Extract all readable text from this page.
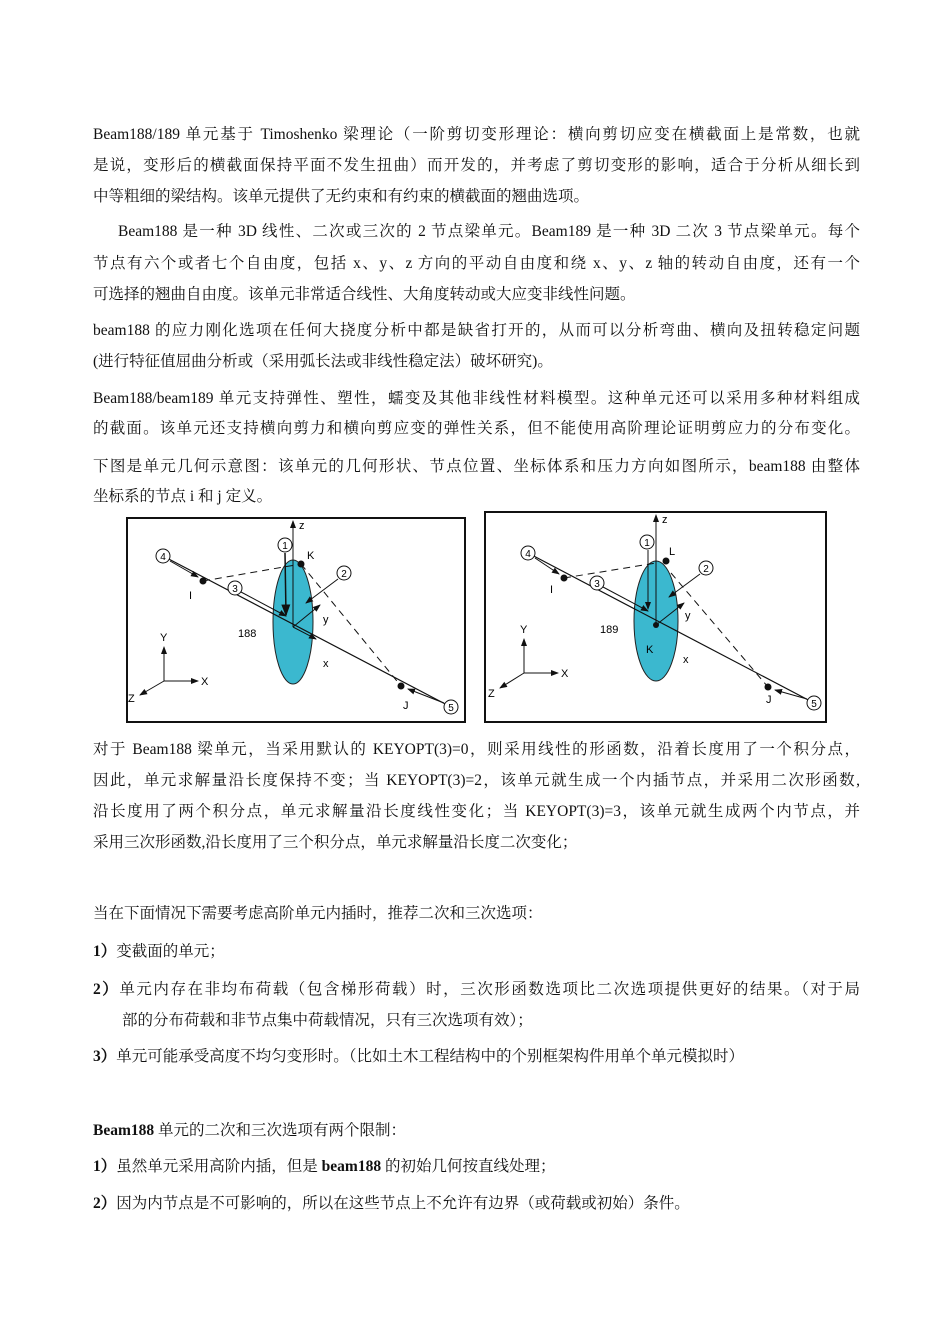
Beam188/189 单元基于 Timoshenko 梁理论（一阶剪切变形理论：横向剪切应变在横截面上是常数，也就
是说，变形后的横截面保持平面不发生扭曲）而开发的，并考虑了剪切变形的影响，适合于分析从细长到
中等粗细的梁结构。该单元提供了无约束和有约束的横截面的翘曲选项。
Beam188 是一种 3D 线性、二次或三次的 2 节点梁单元。Beam189 是一种 3D 二次 3 节点梁单元。每个
节点有六个或者七个自由度，包括 x、y、z 方向的平动自由度和绕 x、y、z 轴的转动自由度，还有一个
可选择的翘曲自由度。该单元非常适合线性、大角度转动或大应变非线性问题。
beam188 的应力刚化选项在任何大挠度分析中都是缺省打开的，从而可以分析弯曲、横向及扭转稳定问题
(进行特征值屈曲分析或（采用弧长法或非线性稳定法）破坏研究)。
Beam188/beam189 单元支持弹性、塑性，蠕变及其他非线性材料模型。这种单元还可以采用多种材料组成
的截面。该单元还支持横向剪力和横向剪应变的弹性关系，但不能使用高阶理论证明剪应力的分布变化。
下图是单元几何示意图：该单元的几何形状、节点位置、坐标体系和压力方向如图所示，beam188 由整体
坐标系的节点 i 和 j 定义。
z
y
x
I
J
K
188
1
2
3
4
5
Y
X
Z
z
y
x
I
J
K
L
189
1
2
3
4
5
Y
X
Z
对于 Beam188 梁单元，当采用默认的 KEYOPT(3)=0，则采用线性的形函数，沿着长度用了一个积分点，
因此，单元求解量沿长度保持不变；当 KEYOPT(3)=2，该单元就生成一个内插节点，并采用二次形函数,
沿长度用了两个积分点，单元求解量沿长度线性变化；当 KEYOPT(3)=3，该单元就生成两个内节点，并
采用三次形函数,沿长度用了三个积分点，单元求解量沿长度二次变化；
当在下面情况下需要考虑高阶单元内插时，推荐二次和三次选项：
1）变截面的单元；
2）单元内存在非均布荷载（包含梯形荷载）时，三次形函数选项比二次选项提供更好的结果。（对于局
部的分布荷载和非节点集中荷载情况，只有三次选项有效）；
3）单元可能承受高度不均匀变形时。（比如土木工程结构中的个别框架构件用单个单元模拟时）
Beam188 单元的二次和三次选项有两个限制：
1）虽然单元采用高阶内插，但是 beam188 的初始几何按直线处理；
2）因为内节点是不可影响的，所以在这些节点上不允许有边界（或荷载或初始）条件。
